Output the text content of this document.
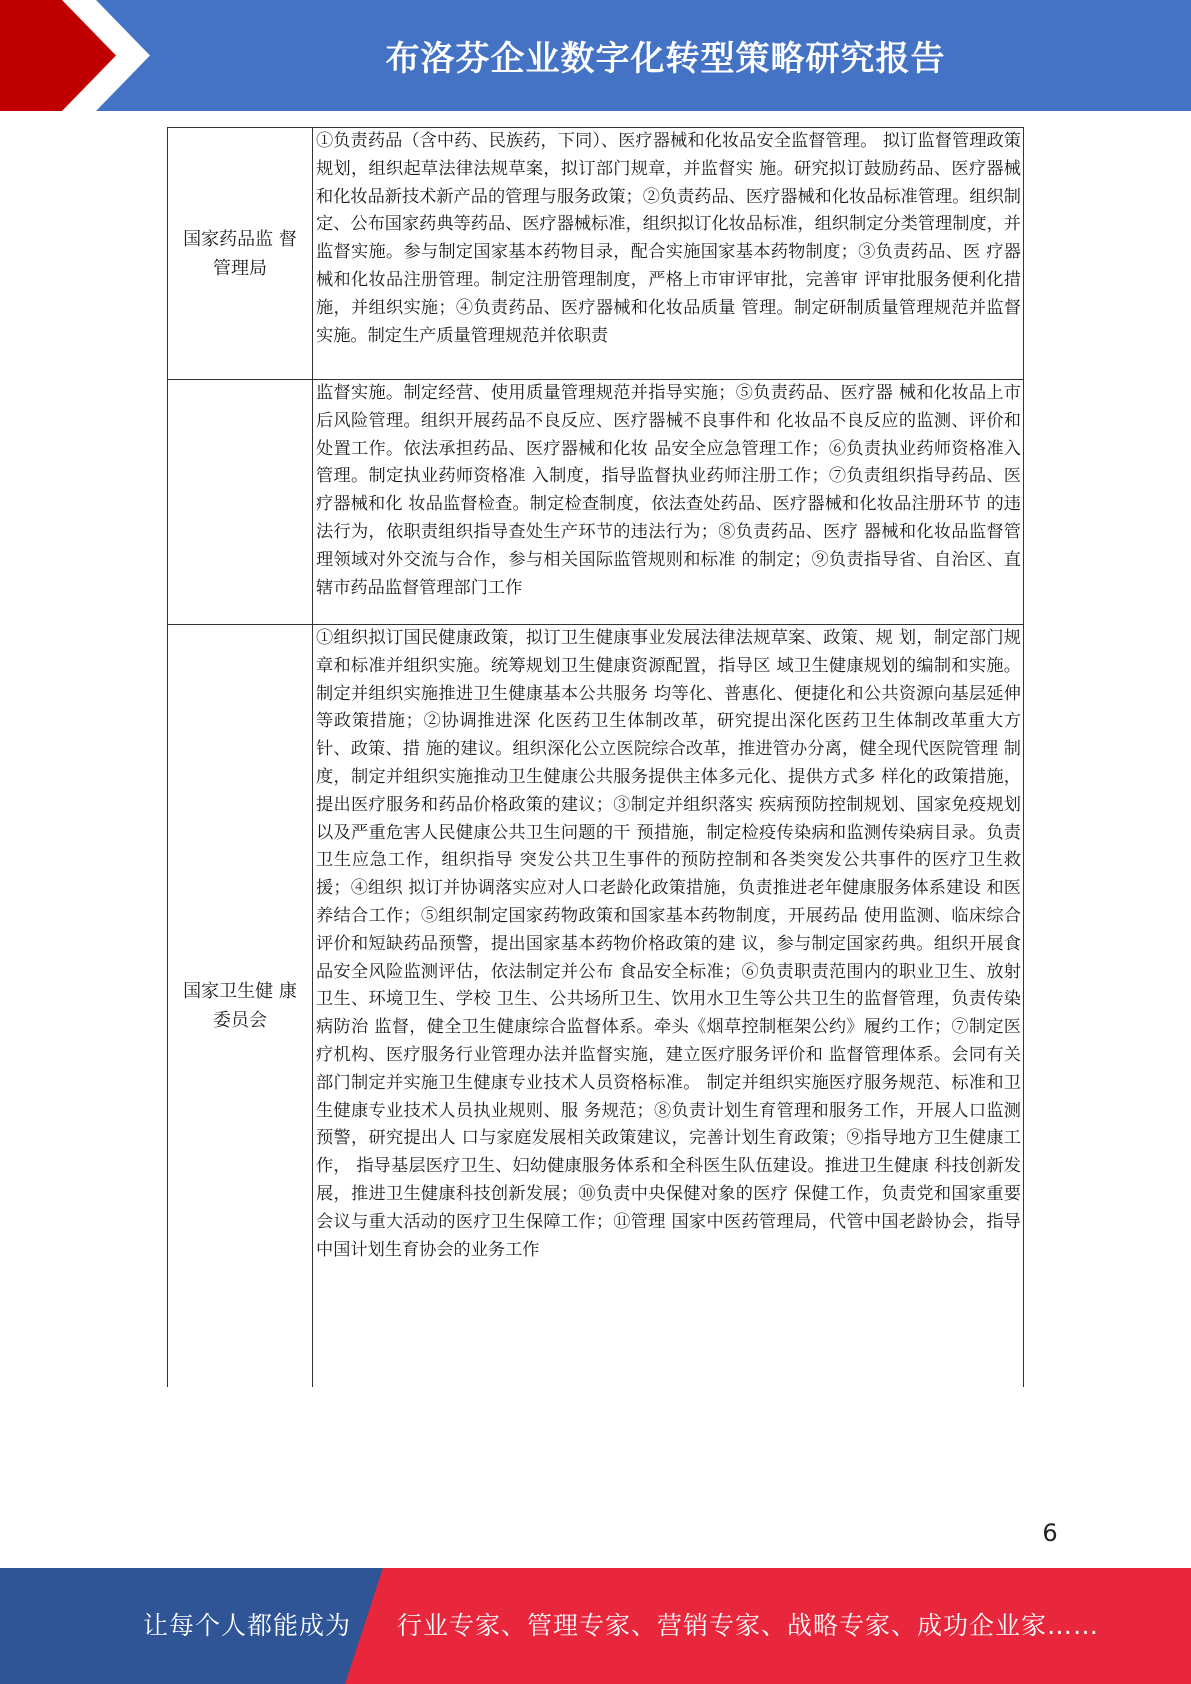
布洛芬企业数字化转型策略研究报告
国家药品监 督管理局	①负责药品（含中药、民族药，下同）、医疗器械和化妆品安全监督管理。 拟订监督管理政策规划，组织起草法律法规草案，拟订部门规章，并监督实 施。研究拟订鼓励药品、医疗器械和化妆品新技术新产品的管理与服务政策；②负责药品、医疗器械和化妆品标准管理。组织制定、公布国家药典等药品、医疗器械标准，组织拟订化妆品标准，组织制定分类管理制度，并监督实施。参与制定国家基本药物目录，配合实施国家基本药物制度；③负责药品、医 疗器械和化妆品注册管理。制定注册管理制度，严格上市审评审批，完善审 评审批服务便利化措施，并组织实施；④负责药品、医疗器械和化妆品质量 管理。制定研制质量管理规范并监督实施。制定生产质量管理规范并依职责
	监督实施。制定经营、使用质量管理规范并指导实施；⑤负责药品、医疗器 械和化妆品上市后风险管理。组织开展药品不良反应、医疗器械不良事件和 化妆品不良反应的监测、评价和处置工作。依法承担药品、医疗器械和化妆 品安全应急管理工作；⑥负责执业药师资格准入管理。制定执业药师资格准 入制度，指导监督执业药师注册工作；⑦负责组织指导药品、医疗器械和化 妆品监督检查。制定检查制度，依法查处药品、医疗器械和化妆品注册环节 的违法行为，依职责组织指导查处生产环节的违法行为；⑧负责药品、医疗 器械和化妆品监督管理领域对外交流与合作，参与相关国际监管规则和标准 的制定；⑨负责指导省、自治区、直辖市药品监督管理部门工作
国家卫生健 康委员会	①组织拟订国民健康政策，拟订卫生健康事业发展法律法规草案、政策、规 划，制定部门规章和标准并组织实施。统筹规划卫生健康资源配置，指导区 域卫生健康规划的编制和实施。制定并组织实施推进卫生健康基本公共服务 均等化、普惠化、便捷化和公共资源向基层延伸等政策措施；②协调推进深 化医药卫生体制改革，研究提出深化医药卫生体制改革重大方针、政策、措 施的建议。组织深化公立医院综合改革，推进管办分离，健全现代医院管理 制度，制定并组织实施推动卫生健康公共服务提供主体多元化、提供方式多 样化的政策措施，提出医疗服务和药品价格政策的建议；③制定并组织落实 疾病预防控制规划、国家免疫规划以及严重危害人民健康公共卫生问题的干 预措施，制定检疫传染病和监测传染病目录。负责卫生应急工作，组织指导 突发公共卫生事件的预防控制和各类突发公共事件的医疗卫生救援；④组织 拟订并协调落实应对人口老龄化政策措施，负责推进老年健康服务体系建设 和医养结合工作；⑤组织制定国家药物政策和国家基本药物制度，开展药品 使用监测、临床综合评价和短缺药品预警，提出国家基本药物价格政策的建 议，参与制定国家药典。组织开展食品安全风险监测评估，依法制定并公布 食品安全标准；⑥负责职责范围内的职业卫生、放射卫生、环境卫生、学校 卫生、公共场所卫生、饮用水卫生等公共卫生的监督管理，负责传染病防治 监督，健全卫生健康综合监督体系。牵头《烟草控制框架公约》履约工作；⑦制定医疗机构、医疗服务行业管理办法并监督实施，建立医疗服务评价和 监督管理体系。会同有关部门制定并实施卫生健康专业技术人员资格标准。 制定并组织实施医疗服务规范、标准和卫生健康专业技术人员执业规则、服 务规范；⑧负责计划生育管理和服务工作，开展人口监测预警，研究提出人 口与家庭发展相关政策建议，完善计划生育政策；⑨指导地方卫生健康工作， 指导基层医疗卫生、妇幼健康服务体系和全科医生队伍建设。推进卫生健康 科技创新发展，推进卫生健康科技创新发展；⑩负责中央保健对象的医疗 保健工作，负责党和国家重要会议与重大活动的医疗卫生保障工作；⑪管理 国家中医药管理局，代管中国老龄协会，指导中国计划生育协会的业务工作
6
让每个人都能成为 行业专家、管理专家、营销专家、战略专家、成功企业家……
